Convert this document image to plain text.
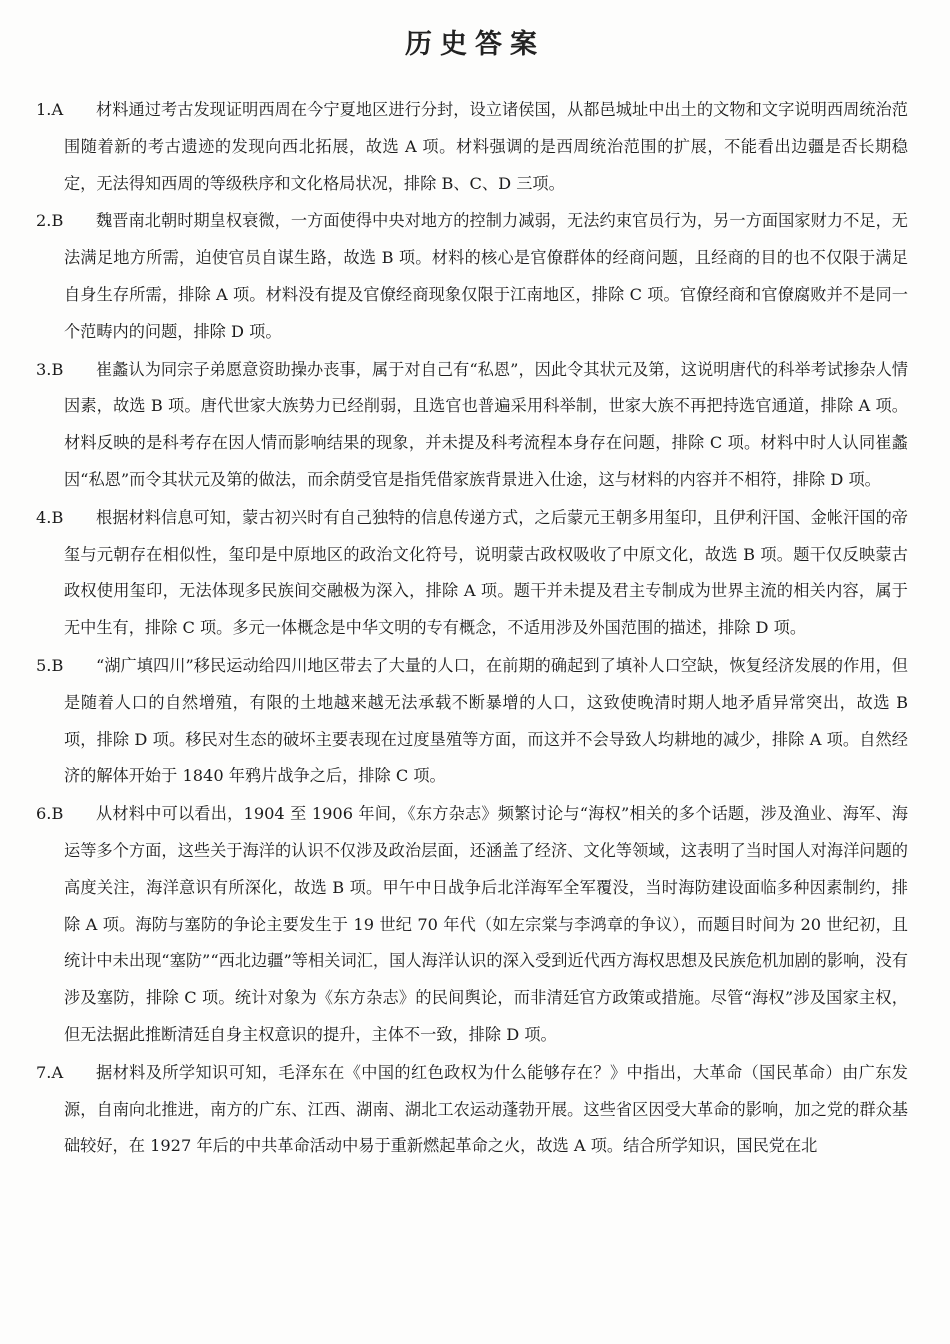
历史答案
1.A	材料通过考古发现证明西周在今宁夏地区进行分封，设立诸侯国，从都邑城址中出土的文物和文字说明西周统治范围随着新的考古遗迹的发现向西北拓展，故选 A 项。材料强调的是西周统治范围的扩展，不能看出边疆是否长期稳定，无法得知西周的等级秩序和文化格局状况，排除 B、C、D 三项。
2.B	魏晋南北朝时期皇权衰微，一方面使得中央对地方的控制力减弱，无法约束官员行为，另一方面国家财力不足，无法满足地方所需，迫使官员自谋生路，故选 B 项。材料的核心是官僚群体的经商问题，且经商的目的也不仅限于满足自身生存所需，排除 A 项。材料没有提及官僚经商现象仅限于江南地区，排除 C 项。官僚经商和官僚腐败并不是同一个范畴内的问题，排除 D 项。
3.B	崔蠡认为同宗子弟愿意资助操办丧事，属于对自己有“私恩”，因此令其状元及第，这说明唐代的科举考试掺杂人情因素，故选 B 项。唐代世家大族势力已经削弱，且选官也普遍采用科举制，世家大族不再把持选官通道，排除 A 项。材料反映的是科考存在因人情而影响结果的现象，并未提及科考流程本身存在问题，排除 C 项。材料中时人认同崔蠡因“私恩”而令其状元及第的做法，而余荫受官是指凭借家族背景进入仕途，这与材料的内容并不相符，排除 D 项。
4.B	根据材料信息可知，蒙古初兴时有自己独特的信息传递方式，之后蒙元王朝多用玺印，且伊利汗国、金帐汗国的帝玺与元朝存在相似性，玺印是中原地区的政治文化符号，说明蒙古政权吸收了中原文化，故选 B 项。题干仅反映蒙古政权使用玺印，无法体现多民族间交融极为深入，排除 A 项。题干并未提及君主专制成为世界主流的相关内容，属于无中生有，排除 C 项。多元一体概念是中华文明的专有概念，不适用涉及外国范围的描述，排除 D 项。
5.B	“湖广填四川”移民运动给四川地区带去了大量的人口，在前期的确起到了填补人口空缺，恢复经济发展的作用，但是随着人口的自然增殖，有限的土地越来越无法承载不断暴增的人口，这致使晚清时期人地矛盾异常突出，故选 B 项，排除 D 项。移民对生态的破坏主要表现在过度垦殖等方面，而这并不会导致人均耕地的减少，排除 A 项。自然经济的解体开始于 1840 年鸦片战争之后，排除 C 项。
6.B	从材料中可以看出，1904 至 1906 年间，《东方杂志》频繁讨论与“海权”相关的多个话题，涉及渔业、海军、海运等多个方面，这些关于海洋的认识不仅涉及政治层面，还涵盖了经济、文化等领域，这表明了当时国人对海洋问题的高度关注，海洋意识有所深化，故选 B 项。甲午中日战争后北洋海军全军覆没，当时海防建设面临多种因素制约，排除 A 项。海防与塞防的争论主要发生于 19 世纪 70 年代（如左宗棠与李鸿章的争议），而题目时间为 20 世纪初，且统计中未出现“塞防”“西北边疆”等相关词汇，国人海洋认识的深入受到近代西方海权思想及民族危机加剧的影响，没有涉及塞防，排除 C 项。统计对象为《东方杂志》的民间舆论，而非清廷官方政策或措施。尽管“海权”涉及国家主权，但无法据此推断清廷自身主权意识的提升，主体不一致，排除 D 项。
7.A	据材料及所学知识可知，毛泽东在《中国的红色政权为什么能够存在？》中指出，大革命（国民革命）由广东发源，自南向北推进，南方的广东、江西、湖南、湖北工农运动蓬勃开展。这些省区因受大革命的影响，加之党的群众基础较好，在 1927 年后的中共革命活动中易于重新燃起革命之火，故选 A 项。结合所学知识，国民党在北
